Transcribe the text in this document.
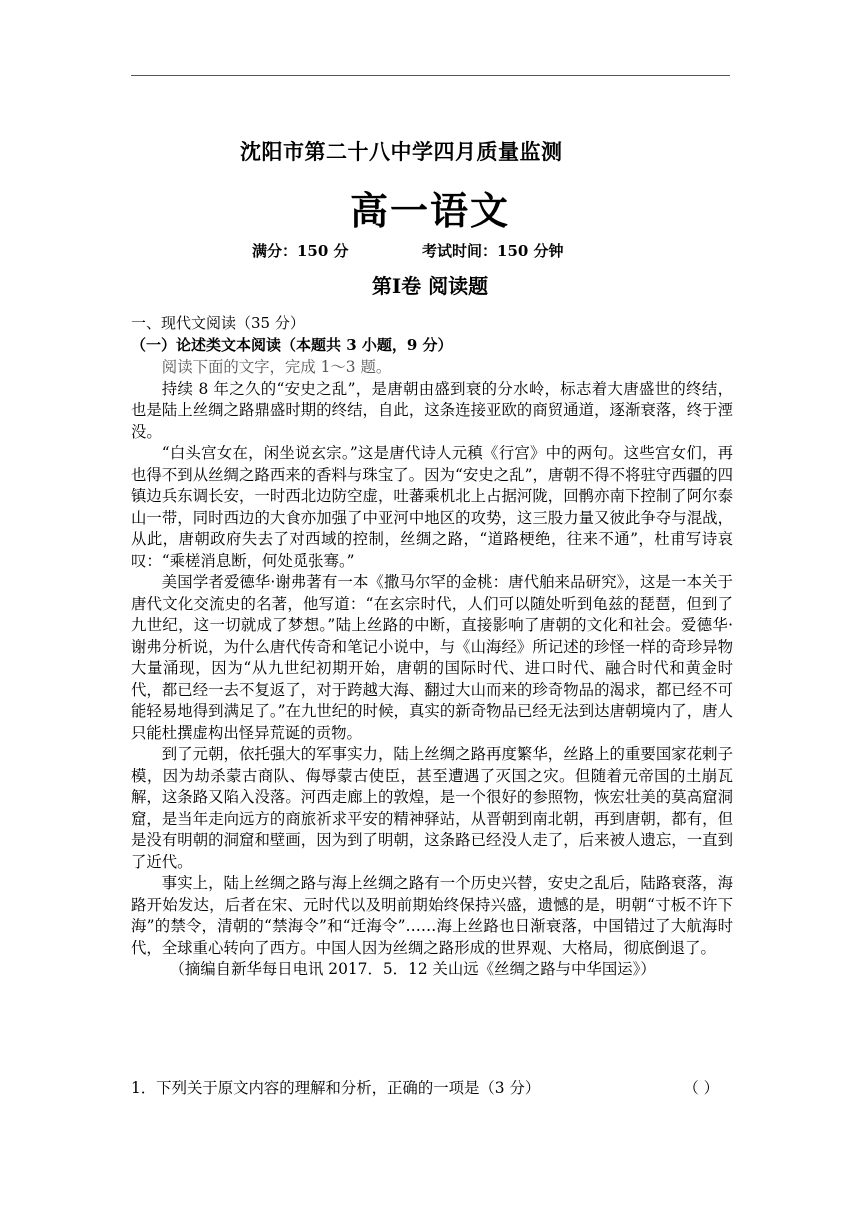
沈阳市第二十八中学四月质量监测
高一语文
满分：150 分	考试时间：150 分钟
第Ⅰ卷 阅读题
一、现代文阅读（35 分）
（一）论述类文本阅读（本题共 3 小题，9 分）

阅读下面的文字，完成 1～3 题。

持续 8 年之久的“安史之乱”，是唐朝由盛到衰的分水岭，标志着大唐盛世的终结，也是陆上丝绸之路鼎盛时期的终结，自此，这条连接亚欧的商贸通道，逐渐衰落，终于湮没。

“白头宫女在，闲坐说玄宗。”这是唐代诗人元稹《行宫》中的两句。这些宫女们，再也得不到从丝绸之路西来的香料与珠宝了。因为“安史之乱”，唐朝不得不将驻守西疆的四镇边兵东调长安，一时西北边防空虚，吐蕃乘机北上占据河陇，回鹘亦南下控制了阿尔泰山一带，同时西边的大食亦加强了中亚河中地区的攻势，这三股力量又彼此争夺与混战，从此，唐朝政府失去了对西域的控制，丝绸之路，“道路梗绝，往来不通”，杜甫写诗哀叹：“乘槎消息断，何处觅张骞。”

美国学者爱德华·谢弗著有一本《撒马尔罕的金桃：唐代舶来品研究》，这是一本关于唐代文化交流史的名著，他写道：“在玄宗时代，人们可以随处听到龟兹的琵琶，但到了九世纪，这一切就成了梦想。”陆上丝路的中断，直接影响了唐朝的文化和社会。爱德华·谢弗分析说，为什么唐代传奇和笔记小说中，与《山海经》所记述的珍怪一样的奇珍异物大量涌现，因为“从九世纪初期开始，唐朝的国际时代、进口时代、融合时代和黄金时代，都已经一去不复返了，对于跨越大海、翻过大山而来的珍奇物品的渴求，都已经不可能轻易地得到满足了。”在九世纪的时候，真实的新奇物品已经无法到达唐朝境内了，唐人只能杜撰虚构出怪异荒诞的贡物。

到了元朝，依托强大的军事实力，陆上丝绸之路再度繁华，丝路上的重要国家花剌子模，因为劫杀蒙古商队、侮辱蒙古使臣，甚至遭遇了灭国之灾。但随着元帝国的土崩瓦解，这条路又陷入没落。河西走廊上的敦煌，是一个很好的参照物，恢宏壮美的莫高窟洞窟，是当年走向远方的商旅祈求平安的精神驿站，从晋朝到南北朝，再到唐朝，都有，但是没有明朝的洞窟和壁画，因为到了明朝，这条路已经没人走了，后来被人遗忘，一直到了近代。

事实上，陆上丝绸之路与海上丝绸之路有一个历史兴替，安史之乱后，陆路衰落，海路开始发达，后者在宋、元时代以及明前期始终保持兴盛，遗憾的是，明朝“寸板不许下海”的禁令，清朝的“禁海令”和“迁海令”……海上丝路也日渐衰落，中国错过了大航海时代，全球重心转向了西方。中国人因为丝绸之路形成的世界观、大格局，彻底倒退了。

（摘编自新华每日电讯 2017．5．12 关山远《丝绸之路与中华国运》）

1．下列关于原文内容的理解和分析，正确的一项是（3 分）	（ ）
